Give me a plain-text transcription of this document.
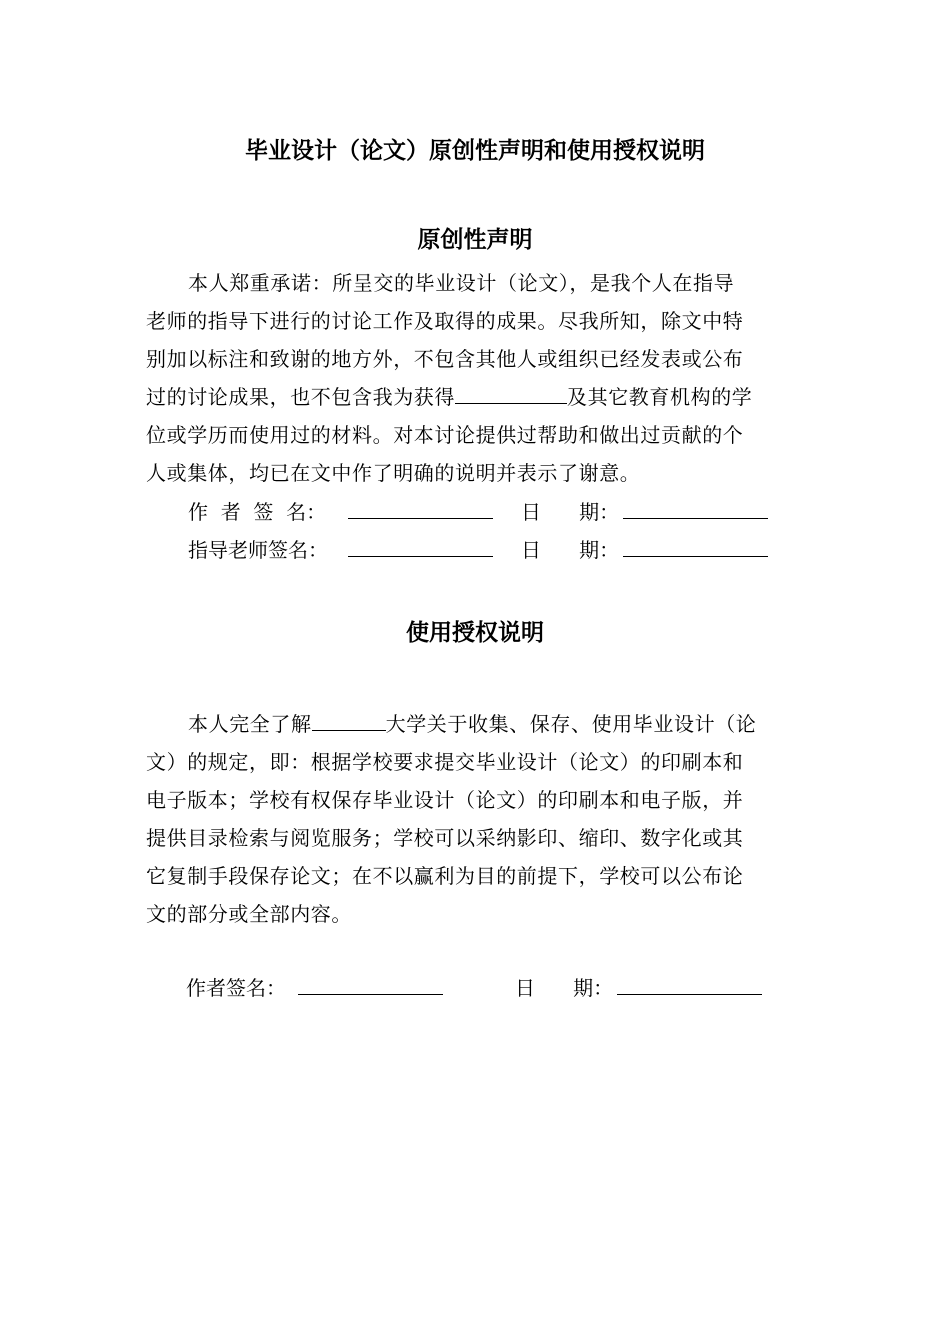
毕业设计（论文）原创性声明和使用授权说明
原创性声明
本人郑重承诺：所呈交的毕业设计（论文），是我个人在指导
老师的指导下进行的讨论工作及取得的成果。尽我所知，除文中特
别加以标注和致谢的地方外，不包含其他人或组织已经发表或公布
过的讨论成果，也不包含我为获得	及其它教育机构的学
位或学历而使用过的材料。对本讨论提供过帮助和做出过贡献的个
人或集体，均已在文中作了明确的说明并表示了谢意。
作  者  签  名：	日      期：
指导老师签名：	日      期：
使用授权说明
本人完全了解	大学关于收集、保存、使用毕业设计（论
文）的规定，即：根据学校要求提交毕业设计（论文）的印刷本和
电子版本；学校有权保存毕业设计（论文）的印刷本和电子版，并
提供目录检索与阅览服务；学校可以采纳影印、缩印、数字化或其
它复制手段保存论文；在不以赢利为目的前提下，学校可以公布论
文的部分或全部内容。
作者签名：	日      期：
